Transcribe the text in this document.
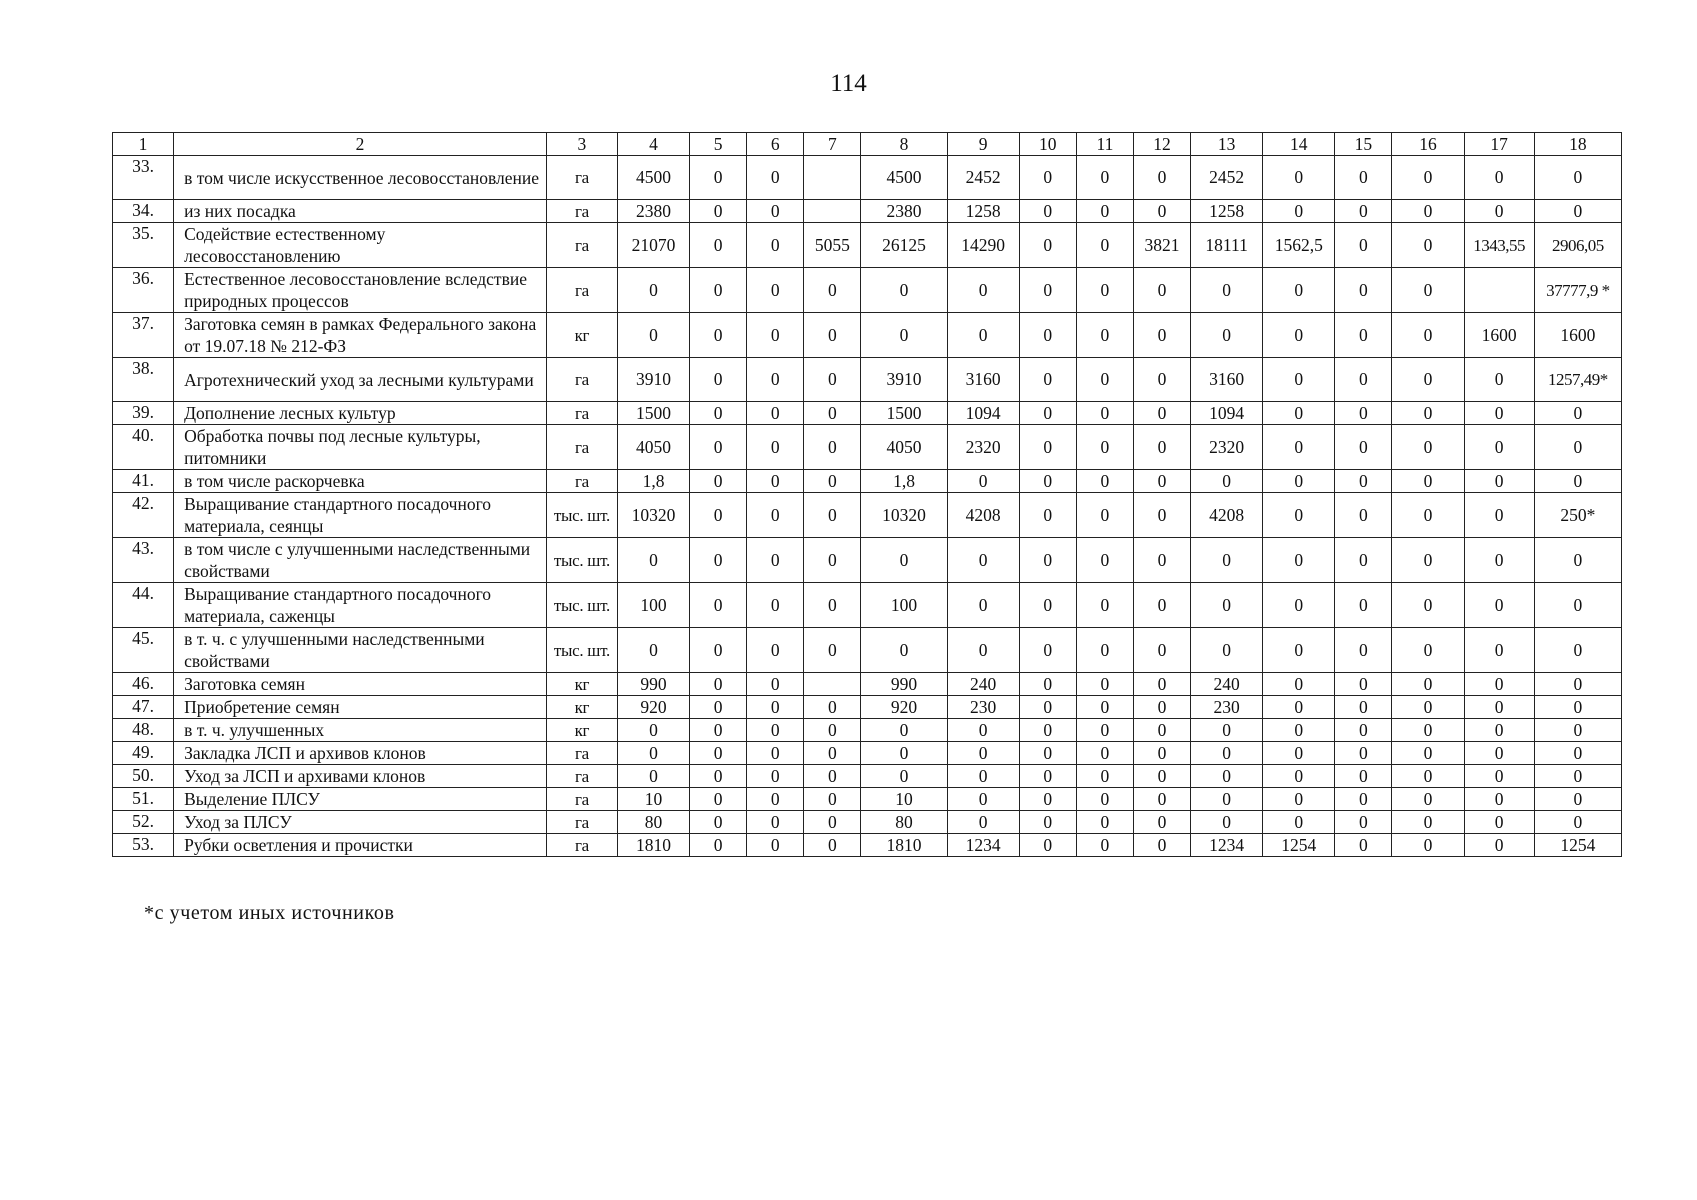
114
1	2	3	4	5	6	7	8	9	10	11	12	13	14	15	16	17	18
33.	в том числе искусственное лесовосстановление	га	4500	0	0		4500	2452	0	0	0	2452	0	0	0	0	0
34.	из них посадка	га	2380	0	0		2380	1258	0	0	0	1258	0	0	0	0	0
35.	Содействие естественному лесовосстановлению	га	21070	0	0	5055	26125	14290	0	0	3821	18111	1562,5	0	0	1343,55	2906,05
36.	Естественное лесовосстановление вследствие природных процессов	га	0	0	0	0	0	0	0	0	0	0	0	0	0		37777,9 *
37.	Заготовка семян в рамках Федерального закона от 19.07.18 № 212-ФЗ	кг	0	0	0	0	0	0	0	0	0	0	0	0	0	1600	1600
38.	Агротехнический уход за лесными культурами	га	3910	0	0	0	3910	3160	0	0	0	3160	0	0	0	0	1257,49*
39.	Дополнение лесных культур	га	1500	0	0	0	1500	1094	0	0	0	1094	0	0	0	0	0
40.	Обработка почвы под лесные культуры, питомники	га	4050	0	0	0	4050	2320	0	0	0	2320	0	0	0	0	0
41.	в том числе раскорчевка	га	1,8	0	0	0	1,8	0	0	0	0	0	0	0	0	0	0
42.	Выращивание стандартного посадочного материала, сеянцы	тыс. шт.	10320	0	0	0	10320	4208	0	0	0	4208	0	0	0	0	250*
43.	в том числе с улучшенными наследственными свойствами	тыс. шт.	0	0	0	0	0	0	0	0	0	0	0	0	0	0	0
44.	Выращивание стандартного посадочного материала, саженцы	тыс. шт.	100	0	0	0	100	0	0	0	0	0	0	0	0	0	0
45.	в т. ч. с улучшенными наследственными свойствами	тыс. шт.	0	0	0	0	0	0	0	0	0	0	0	0	0	0	0
46.	Заготовка семян	кг	990	0	0		990	240	0	0	0	240	0	0	0	0	0
47.	Приобретение семян	кг	920	0	0	0	920	230	0	0	0	230	0	0	0	0	0
48.	в т. ч. улучшенных	кг	0	0	0	0	0	0	0	0	0	0	0	0	0	0	0
49.	Закладка ЛСП и архивов клонов	га	0	0	0	0	0	0	0	0	0	0	0	0	0	0	0
50.	Уход за ЛСП и архивами клонов	га	0	0	0	0	0	0	0	0	0	0	0	0	0	0	0
51.	Выделение ПЛСУ	га	10	0	0	0	10	0	0	0	0	0	0	0	0	0	0
52.	Уход за ПЛСУ	га	80	0	0	0	80	0	0	0	0	0	0	0	0	0	0
53.	Рубки осветления и прочистки	га	1810	0	0	0	1810	1234	0	0	0	1234	1254	0	0	0	1254
*с учетом иных источников
